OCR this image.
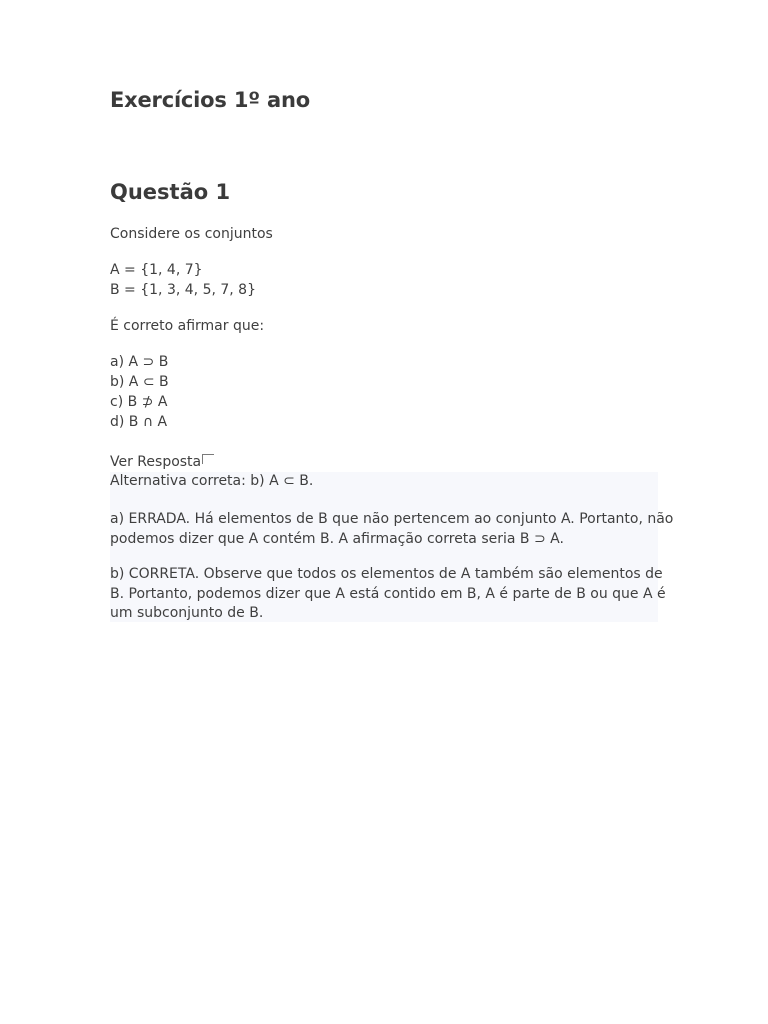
Exercícios 1º ano
Questão 1

Considere os conjuntos

A = {1, 4, 7}

B = {1, 3, 4, 5, 7, 8}

É correto afirmar que:

a) A ⊃ B

b) A ⊂ B

c) B ⊅ A

d) B ∩ A

Ver Resposta

Alternativa correta: b) A ⊂ B.

a) ERRADA. Há elementos de B que não pertencem ao conjunto A. Portanto, não
podemos dizer que A contém B. A afirmação correta seria B ⊃ A.

b) CORRETA. Observe que todos os elementos de A também são elementos de
B. Portanto, podemos dizer que A está contido em B, A é parte de B ou que A é
um subconjunto de B.
